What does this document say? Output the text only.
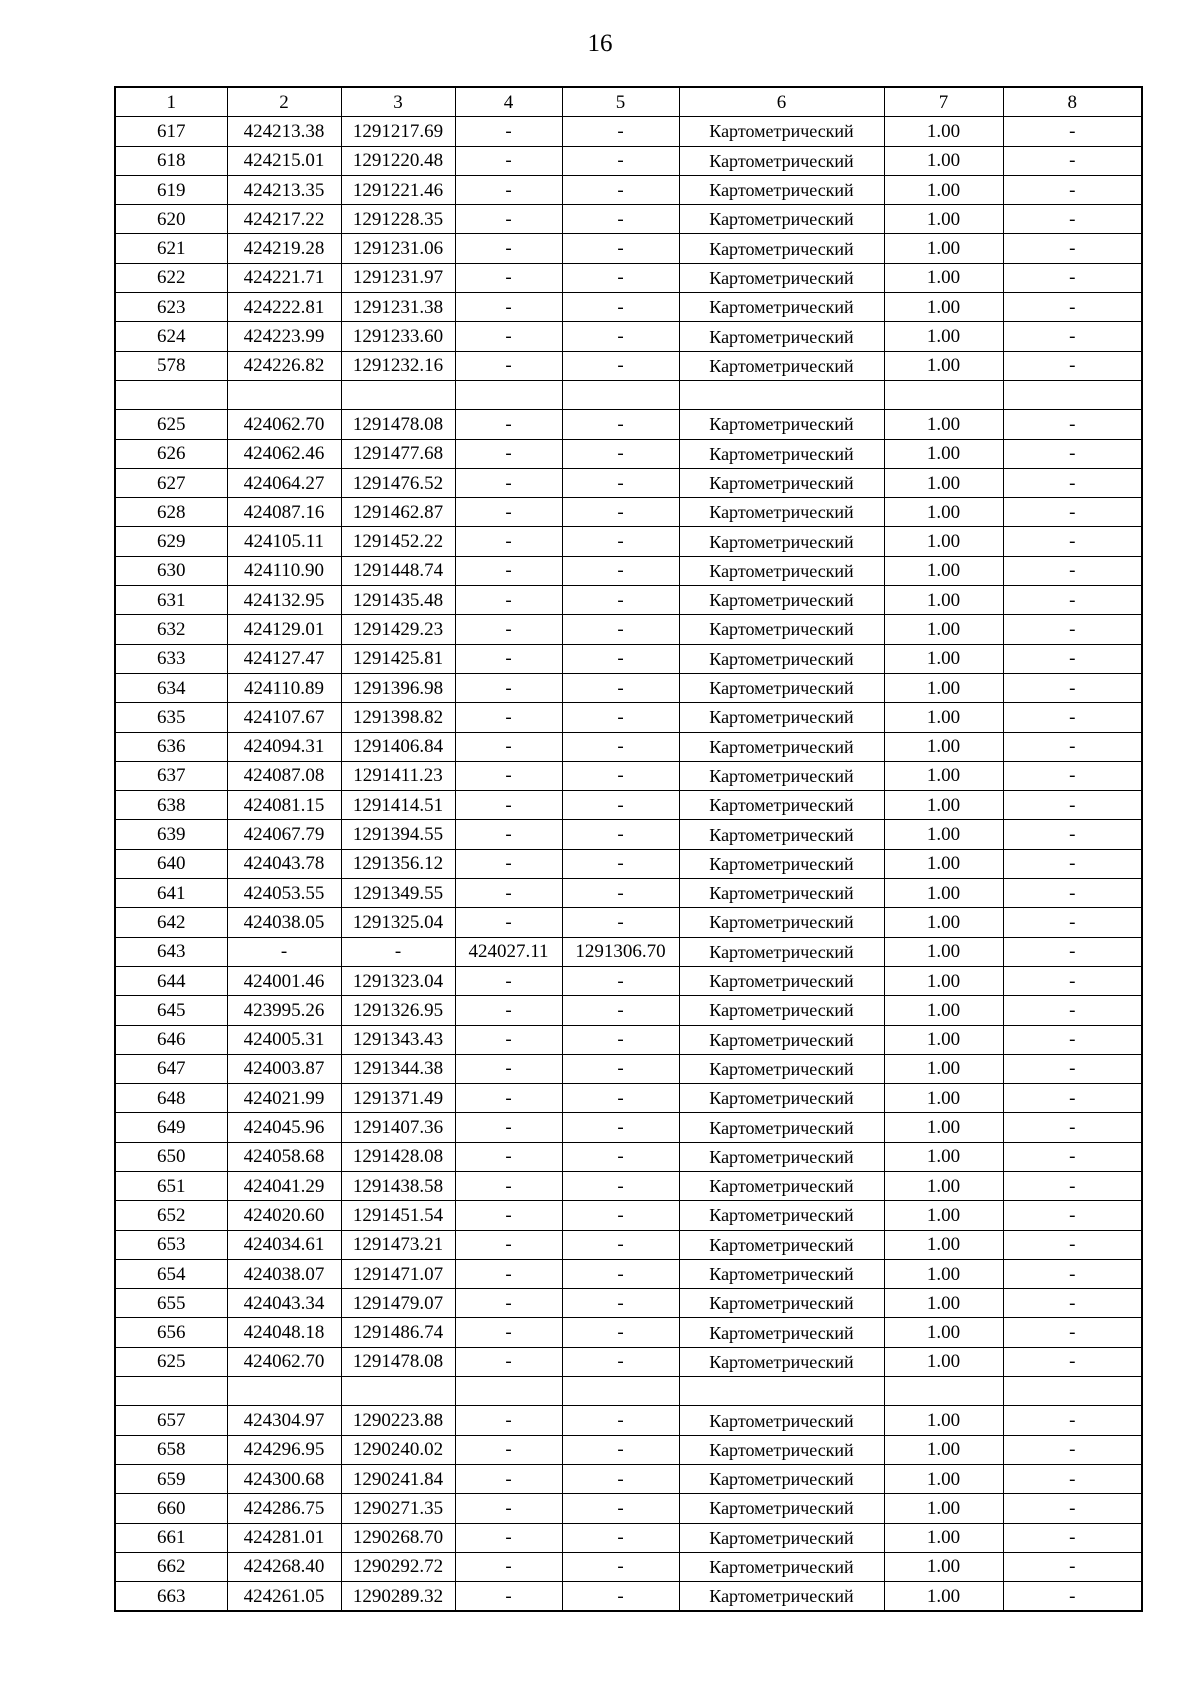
16
1	2	3	4	5	6	7	8
617	424213.38	1291217.69	-	-	Картометрический	1.00	-
618	424215.01	1291220.48	-	-	Картометрический	1.00	-
619	424213.35	1291221.46	-	-	Картометрический	1.00	-
620	424217.22	1291228.35	-	-	Картометрический	1.00	-
621	424219.28	1291231.06	-	-	Картометрический	1.00	-
622	424221.71	1291231.97	-	-	Картометрический	1.00	-
623	424222.81	1291231.38	-	-	Картометрический	1.00	-
624	424223.99	1291233.60	-	-	Картометрический	1.00	-
578	424226.82	1291232.16	-	-	Картометрический	1.00	-

625	424062.70	1291478.08	-	-	Картометрический	1.00	-
626	424062.46	1291477.68	-	-	Картометрический	1.00	-
627	424064.27	1291476.52	-	-	Картометрический	1.00	-
628	424087.16	1291462.87	-	-	Картометрический	1.00	-
629	424105.11	1291452.22	-	-	Картометрический	1.00	-
630	424110.90	1291448.74	-	-	Картометрический	1.00	-
631	424132.95	1291435.48	-	-	Картометрический	1.00	-
632	424129.01	1291429.23	-	-	Картометрический	1.00	-
633	424127.47	1291425.81	-	-	Картометрический	1.00	-
634	424110.89	1291396.98	-	-	Картометрический	1.00	-
635	424107.67	1291398.82	-	-	Картометрический	1.00	-
636	424094.31	1291406.84	-	-	Картометрический	1.00	-
637	424087.08	1291411.23	-	-	Картометрический	1.00	-
638	424081.15	1291414.51	-	-	Картометрический	1.00	-
639	424067.79	1291394.55	-	-	Картометрический	1.00	-
640	424043.78	1291356.12	-	-	Картометрический	1.00	-
641	424053.55	1291349.55	-	-	Картометрический	1.00	-
642	424038.05	1291325.04	-	-	Картометрический	1.00	-
643	-	-	424027.11	1291306.70	Картометрический	1.00	-
644	424001.46	1291323.04	-	-	Картометрический	1.00	-
645	423995.26	1291326.95	-	-	Картометрический	1.00	-
646	424005.31	1291343.43	-	-	Картометрический	1.00	-
647	424003.87	1291344.38	-	-	Картометрический	1.00	-
648	424021.99	1291371.49	-	-	Картометрический	1.00	-
649	424045.96	1291407.36	-	-	Картометрический	1.00	-
650	424058.68	1291428.08	-	-	Картометрический	1.00	-
651	424041.29	1291438.58	-	-	Картометрический	1.00	-
652	424020.60	1291451.54	-	-	Картометрический	1.00	-
653	424034.61	1291473.21	-	-	Картометрический	1.00	-
654	424038.07	1291471.07	-	-	Картометрический	1.00	-
655	424043.34	1291479.07	-	-	Картометрический	1.00	-
656	424048.18	1291486.74	-	-	Картометрический	1.00	-
625	424062.70	1291478.08	-	-	Картометрический	1.00	-

657	424304.97	1290223.88	-	-	Картометрический	1.00	-
658	424296.95	1290240.02	-	-	Картометрический	1.00	-
659	424300.68	1290241.84	-	-	Картометрический	1.00	-
660	424286.75	1290271.35	-	-	Картометрический	1.00	-
661	424281.01	1290268.70	-	-	Картометрический	1.00	-
662	424268.40	1290292.72	-	-	Картометрический	1.00	-
663	424261.05	1290289.32	-	-	Картометрический	1.00	-
